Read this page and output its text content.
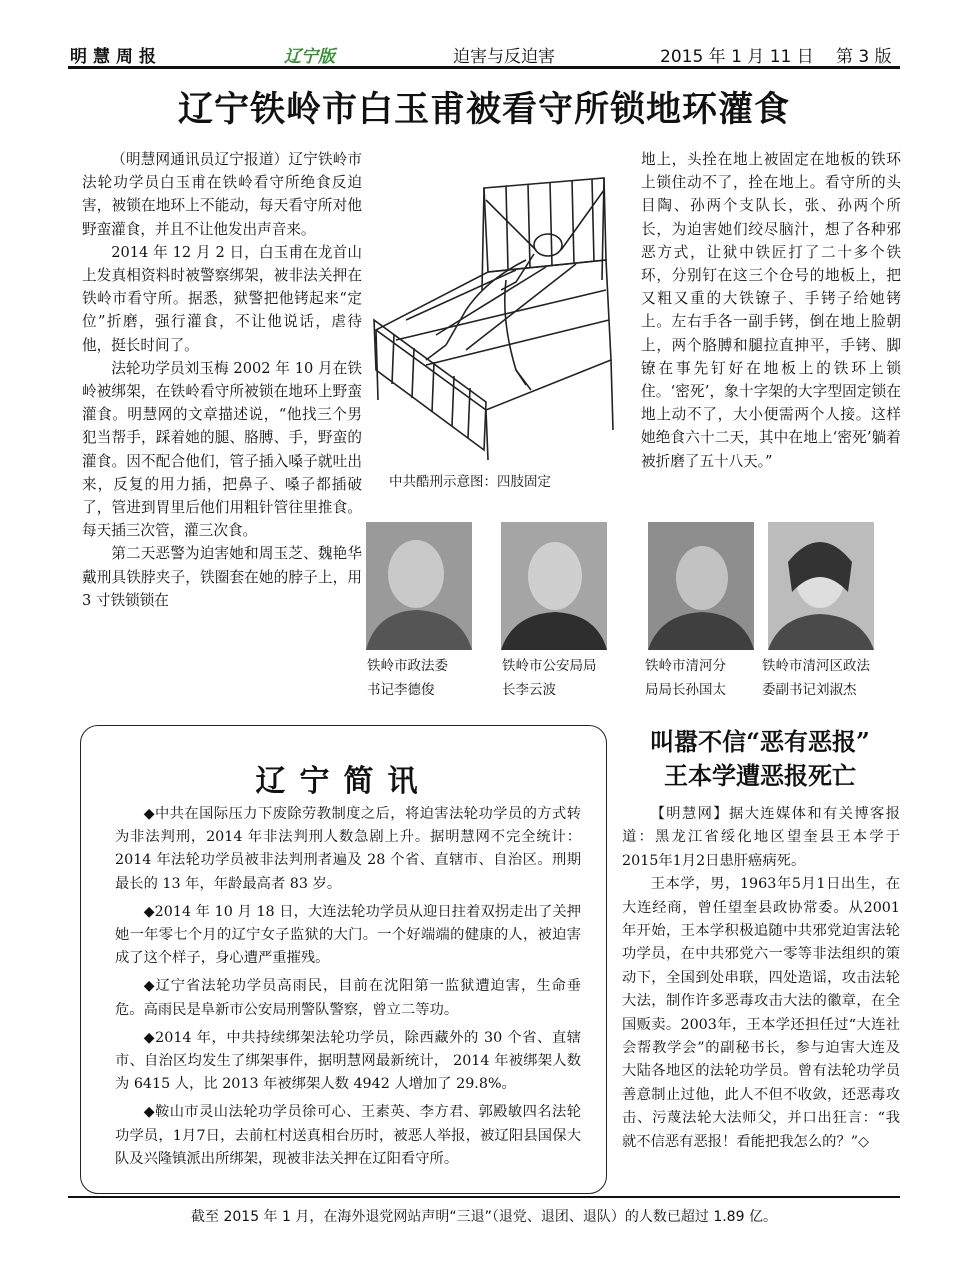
明慧周报	辽宁版	迫害与反迫害	2015 年 1 月 11 日 第 3 版
辽宁铁岭市白玉甫被看守所锁地环灌食

（明慧网通讯员辽宁报道）辽宁铁岭市法轮功学员白玉甫在铁岭看守所绝食反迫害，被锁在地环上不能动，每天看守所对他野蛮灌食，并且不让他发出声音来。

2014 年 12 月 2 日，白玉甫在龙首山上发真相资料时被警察绑架，被非法关押在铁岭市看守所。据悉，狱警把他铐起来“定位”折磨，强行灌食，不让他说话，虐待他，挺长时间了。

法轮功学员刘玉梅 2002 年 10 月在铁岭被绑架，在铁岭看守所被锁在地环上野蛮灌食。明慧网的文章描述说，“他找三个男犯当帮手，踩着她的腿、胳膊、手，野蛮的灌食。因不配合他们，管子插入嗓子就吐出来，反复的用力插，把鼻子、嗓子都插破了，管进到胃里后他们用粗针管往里推食。每天插三次管，灌三次食。

第二天恶警为迫害她和周玉芝、魏艳华戴刑具铁脖夹子，铁圈套在她的脖子上，用 3 寸铁锁锁在

中共酷刑示意图：四肢固定

地上，头拴在地上被固定在地板的铁环上锁住动不了，拴在地上。看守所的头目陶、孙两个支队长，张、孙两个所长，为迫害她们绞尽脑汁，想了各种邪恶方式，让狱中铁匠打了二十多个铁环，分别钉在这三个仓号的地板上，把又粗又重的大铁镣子、手铐子给她铐上。左右手各一副手铐，倒在地上脸朝上，两个胳膊和腿拉直抻平，手铐、脚镣在事先钉好在地板上的铁环上锁住。‘密死’，象十字架的大字型固定锁在地上动不了，大小便需两个人接。这样她绝食六十二天，其中在地上‘密死’躺着被折磨了五十八天。”

铁岭市政法委
书记李德俊
铁岭市公安局局
长李云波
铁岭市清河分
局局长孙国太
铁岭市清河区政法
委副书记刘淑杰
辽宁简讯

◆中共在国际压力下废除劳教制度之后，将迫害法轮功学员的方式转为非法判刑，2014 年非法判刑人数急剧上升。据明慧网不完全统计：2014 年法轮功学员被非法判刑者遍及 28 个省、直辖市、自治区。刑期最长的 13 年，年龄最高者 83 岁。

◆2014 年 10 月 18 日，大连法轮功学员从迎日拄着双拐走出了关押她一年零七个月的辽宁女子监狱的大门。一个好端端的健康的人，被迫害成了这个样子，身心遭严重摧残。

◆辽宁省法轮功学员高雨民，目前在沈阳第一监狱遭迫害，生命垂危。高雨民是阜新市公安局刑警队警察，曾立二等功。

◆2014 年，中共持续绑架法轮功学员，除西藏外的 30 个省、直辖市、自治区均发生了绑架事件，据明慧网最新统计， 2014 年被绑架人数为 6415 人，比 2013 年被绑架人数 4942 人增加了 29.8%。

◆鞍山市灵山法轮功学员徐可心、王素英、李方君、郭殿敏四名法轮功学员，1月7日，去前杠村送真相台历时，被恶人举报，被辽阳县国保大队及兴隆镇派出所绑架，现被非法关押在辽阳看守所。

叫嚣不信“恶有恶报”
王本学遭恶报死亡

【明慧网】据大连媒体和有关博客报道：黑龙江省绥化地区望奎县王本学于2015年1月2日患肝癌病死。

王本学，男，1963年5月1日出生，在大连经商，曾任望奎县政协常委。从2001年开始，王本学积极追随中共邪党迫害法轮功学员，在中共邪党六一零等非法组织的策动下，全国到处串联，四处造谣，攻击法轮大法，制作许多恶毒攻击大法的徽章，在全国贩卖。2003年，王本学还担任过“大连社会帮教学会”的副秘书长，参与迫害大连及大陆各地区的法轮功学员。曾有法轮功学员善意制止过他，此人不但不收敛，还恶毒攻击、污蔑法轮大法师父，并口出狂言：“我就不信恶有恶报！看能把我怎么的？”◇

截至 2015 年 1 月，在海外退党网站声明“三退”（退党、退团、退队）的人数已超过 1.89 亿。
